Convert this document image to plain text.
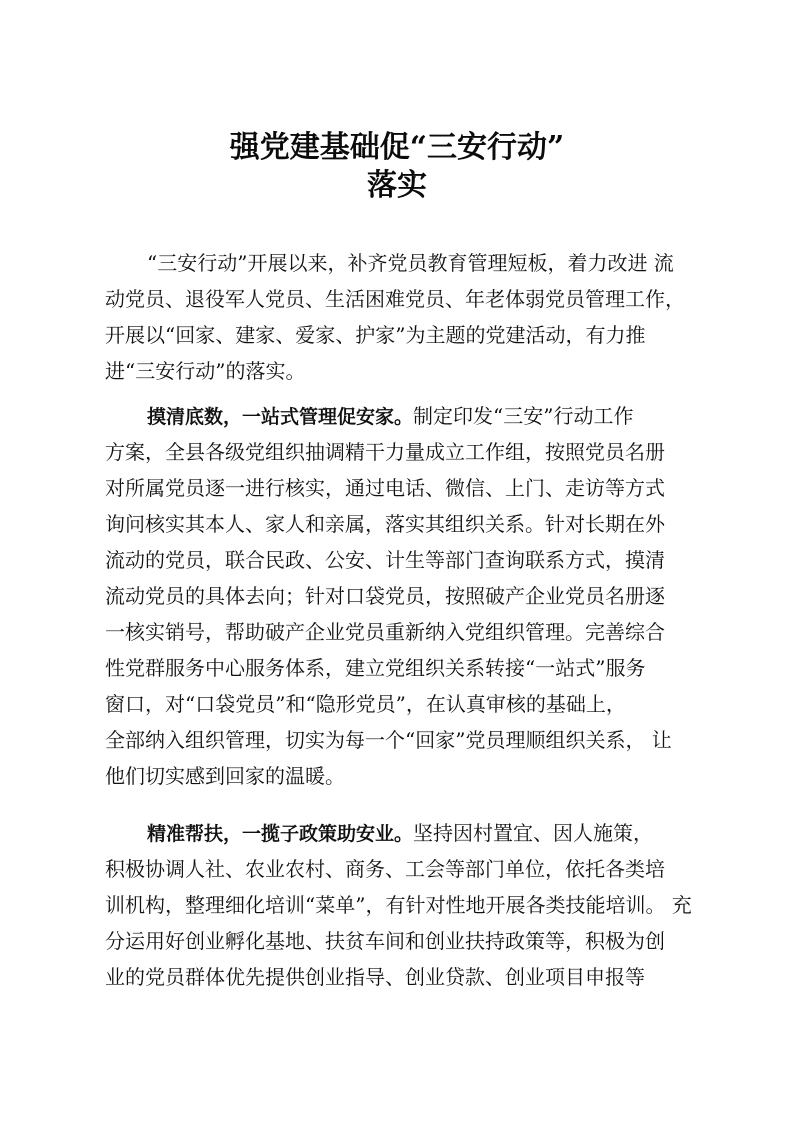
强党建基础促“三安行动”
落实
“三安行动”开展以来，补齐党员教育管理短板，着力改进 流
动党员、退役军人党员、生活困难党员、年老体弱党员管理工作，
开展以“回家、建家、爱家、护家”为主题的党建活动，有力推
进“三安行动”的落实。
摸清底数，一站式管理促安家。制定印发“三安”行动工作
方案，全县各级党组织抽调精干力量成立工作组，按照党员名册
对所属党员逐一进行核实，通过电话、微信、上门、走访等方式
询问核实其本人、家人和亲属，落实其组织关系。针对长期在外
流动的党员，联合民政、公安、计生等部门查询联系方式，摸清
流动党员的具体去向；针对口袋党员，按照破产企业党员名册逐
一核实销号，帮助破产企业党员重新纳入党组织管理。完善综合
性党群服务中心服务体系，建立党组织关系转接“一站式”服务
窗口，对“口袋党员”和“隐形党员”，在认真审核的基础上，
全部纳入组织管理，切实为每一个“回家”党员理顺组织关系， 让
他们切实感到回家的温暖。
精准帮扶，一揽子政策助安业。坚持因村置宜、因人施策，
积极协调人社、农业农村、商务、工会等部门单位，依托各类培
训机构，整理细化培训“菜单”，有针对性地开展各类技能培训。 充
分运用好创业孵化基地、扶贫车间和创业扶持政策等，积极为创
业的党员群体优先提供创业指导、创业贷款、创业项目申报等
